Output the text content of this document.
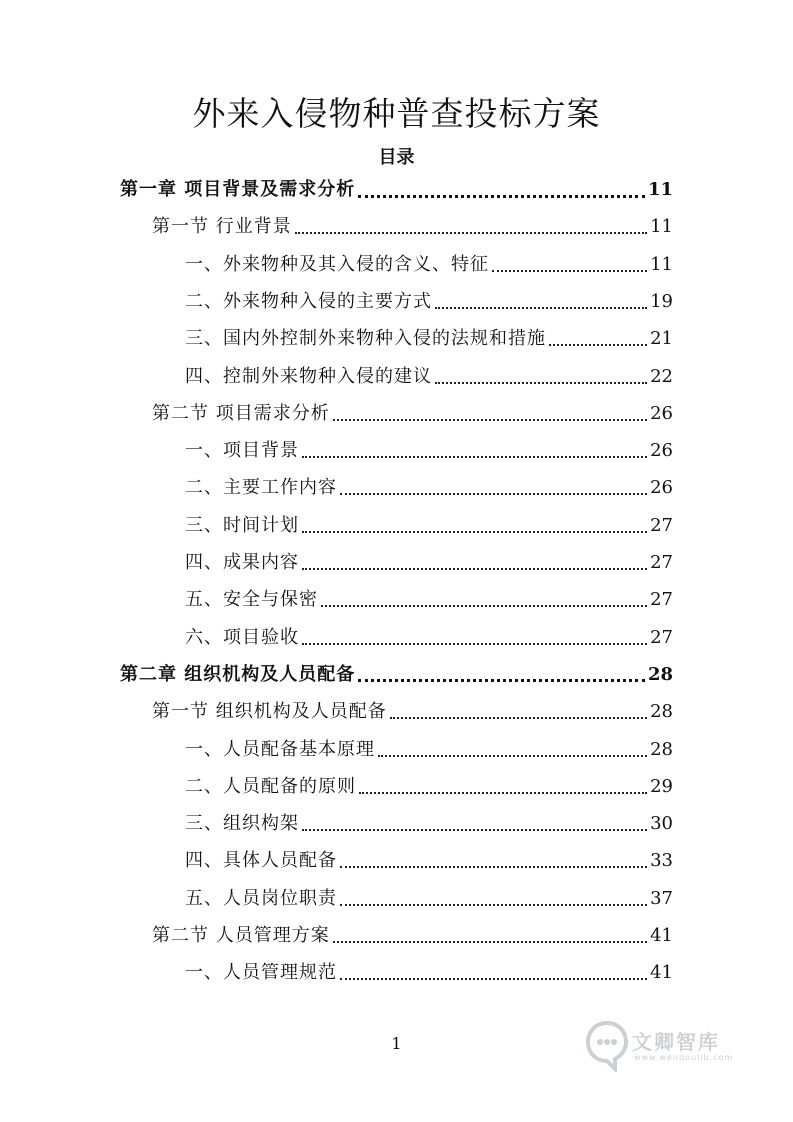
外来入侵物种普查投标方案
目录
第一章 项目背景及需求分析	11
第一节 行业背景	11
一、外来物种及其入侵的含义、特征	11
二、外来物种入侵的主要方式	19
三、国内外控制外来物种入侵的法规和措施	21
四、控制外来物种入侵的建议	22
第二节 项目需求分析	26
一、项目背景	26
二、主要工作内容	26
三、时间计划	27
四、成果内容	27
五、安全与保密	27
六、项目验收	27
第二章 组织机构及人员配备	28
第一节 组织机构及人员配备	28
一、人员配备基本原理	28
二、人员配备的原则	29
三、组织构架	30
四、具体人员配备	33
五、人员岗位职责	37
第二节 人员管理方案	41
一、人员管理规范	41
1	文卿智库
www.wendoulib.com
